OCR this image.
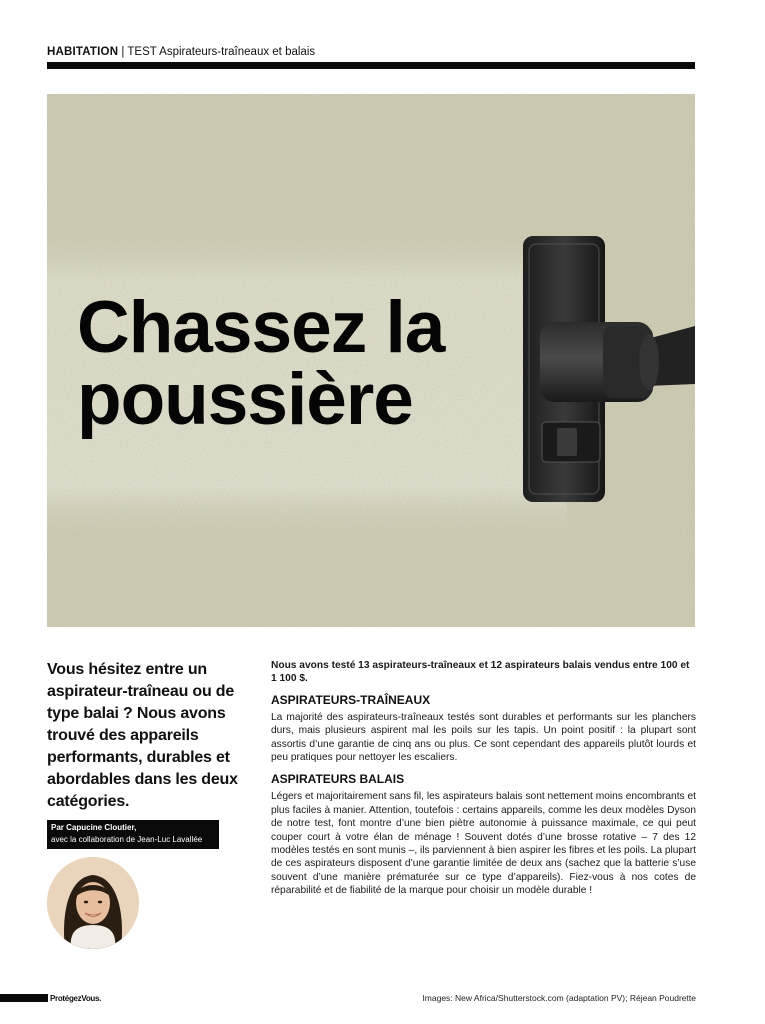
HABITATION | TEST Aspirateurs-traîneaux et balais
Chassez la
poussière

Vous hésitez entre un aspirateur-traîneau ou de type balai ? Nous avons trouvé des appareils performants, durables et abordables dans les deux catégories.

Par Capucine Cloutier,
avec la collaboration de Jean-Luc Lavallée

Nous avons testé 13 aspirateurs-traîneaux et 12 aspirateurs balais vendus entre 100 et 1 100 $.

ASPIRATEURS-TRAÎNEAUX

La majorité des aspirateurs-traîneaux testés sont durables et performants sur les planchers durs, mais plusieurs aspirent mal les poils sur les tapis. Un point positif : la plupart sont assortis d’une garantie de cinq ans ou plus. Ce sont cependant des appareils plutôt lourds et peu pratiques pour nettoyer les escaliers.

ASPIRATEURS BALAIS

Légers et majoritairement sans fil, les aspirateurs balais sont nettement moins encombrants et plus faciles à manier. Attention, toutefois : certains appareils, comme les deux modèles Dyson de notre test, font montre d’une bien piètre autonomie à puissance maximale, ce qui peut couper court à votre élan de ménage ! Souvent dotés d’une brosse rotative – 7 des 12 modèles testés en sont munis –, ils parviennent à bien aspirer les fibres et les poils. La plupart de ces aspirateurs disposent d’une garantie limitée de deux ans (sachez que la batterie s’use souvent d’une manière prématurée sur ce type d’appareils). Fiez-vous à nos cotes de réparabilité et de fiabilité de la marque pour choisir un modèle durable !

ProtégezVous.	Images: New Africa/Shutterstock.com (adaptation PV); Réjean Poudrette
